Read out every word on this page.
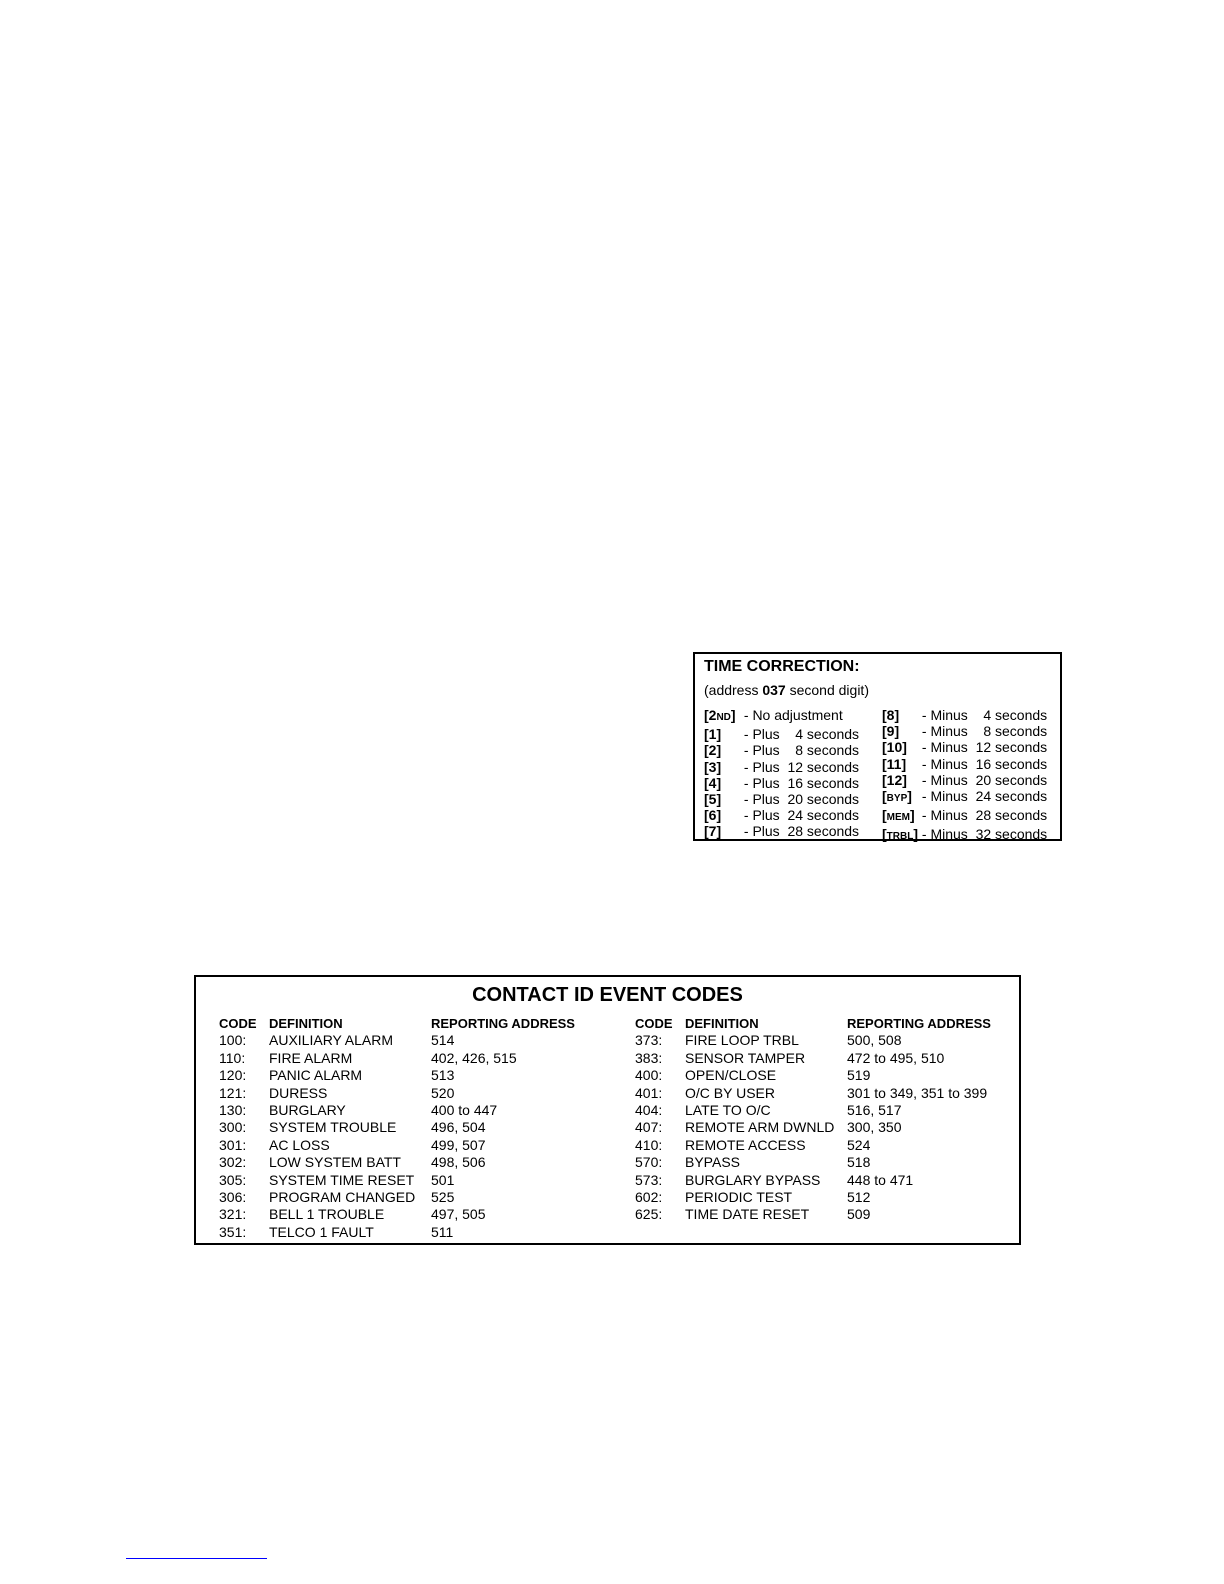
TIME CORRECTION:
(address 037 second digit)
[2ND] - No adjustment
[1]	- Plus    4 seconds
[2]	- Plus    8 seconds
[3]	- Plus  12 seconds
[4]	- Plus  16 seconds
[5]	- Plus  20 seconds
[6]	- Plus  24 seconds
[7]	- Plus  28 seconds
[8]	- Minus    4 seconds
[9]	- Minus    8 seconds
[10] - Minus  12 seconds
[11] - Minus  16 seconds
[12] - Minus  20 seconds
[BYP] - Minus  24 seconds
[MEM] - Minus  28 seconds
[TRBL] - Minus  32 seconds
CONTACT ID EVENT CODES
CODE DEFINITION	REPORTING ADDRESS
100:	AUXILIARY ALARM	514
110:	FIRE ALARM	402, 426, 515
120:	PANIC ALARM	513
121:	DURESS	520
130:	BURGLARY	400 to 447
300:	SYSTEM TROUBLE	496, 504
301:	AC LOSS	499, 507
302:	LOW SYSTEM BATT	498, 506
305:	SYSTEM TIME RESET	501
306:	PROGRAM CHANGED	525
321:	BELL 1 TROUBLE	497, 505
351:	TELCO 1 FAULT	511
CODE DEFINITION	REPORTING ADDRESS
373:	FIRE LOOP TRBL	500, 508
383:	SENSOR TAMPER	472 to 495, 510
400:	OPEN/CLOSE	519
401:	O/C BY USER	301 to 349, 351 to 399
404:	LATE TO O/C	516, 517
407:	REMOTE ARM DWNLD 300, 350
410:	REMOTE ACCESS	524
570:	BYPASS	518
573:	BURGLARY BYPASS	448 to 471
602:	PERIODIC TEST	512
625:	TIME DATE RESET	509
